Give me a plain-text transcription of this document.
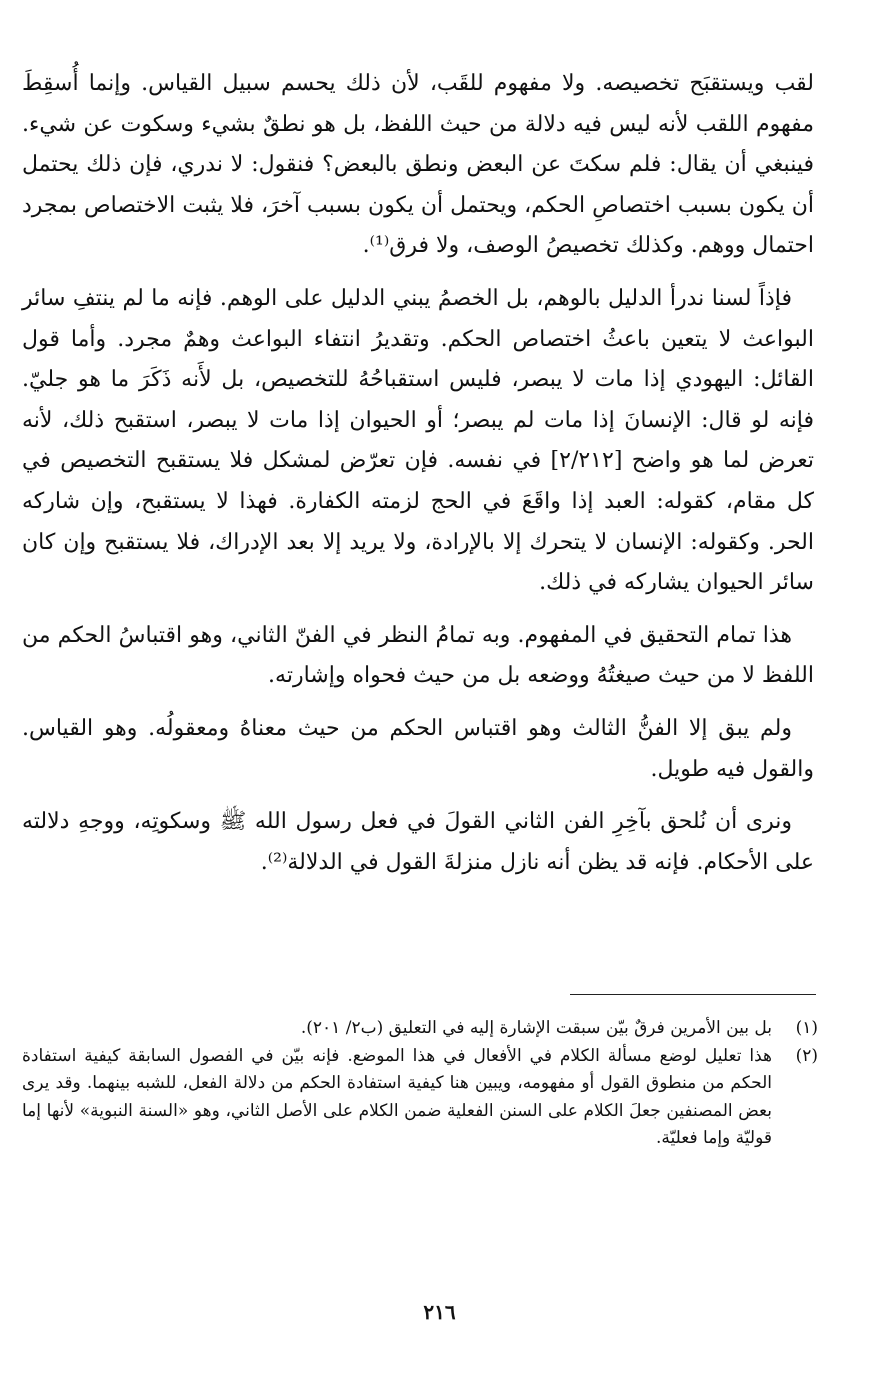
لقب ويستقبَح تخصيصه. ولا مفهوم للقَب، لأن ذلك يحسم سبيل القياس. وإنما أُسقِطَ مفهوم اللقب لأنه ليس فيه دلالة من حيث اللفظ، بل هو نطقٌ بشيء وسكوت عن شيء. فينبغي أن يقال: فلم سكتَ عن البعض ونطق بالبعض؟ فنقول: لا ندري، فإن ذلك يحتمل أن يكون بسبب اختصاصِ الحكم، ويحتمل أن يكون بسبب آخرَ، فلا يثبت الاختصاص بمجرد احتمال ووهم. وكذلك تخصيصُ الوصف، ولا فرق⁽¹⁾.

فإذاً لسنا ندرأ الدليل بالوهم، بل الخصمُ يبني الدليل على الوهم. فإنه ما لم ينتفِ سائر البواعث لا يتعين باعثُ اختصاص الحكم. وتقديرُ انتفاء البواعث وهمٌ مجرد. وأما قول القائل: اليهودي إذا مات لا يبصر، فليس استقباحُهُ للتخصيص، بل لأَنه ذَكَرَ ما هو جليّ. فإنه لو قال: الإنسانَ إذا مات لم يبصر؛ أو الحيوان إذا مات لا يبصر، استقبح ذلك، لأنه تعرض لما هو واضح [٢/٢١٢] في نفسه. فإن تعرّض لمشكل فلا يستقبح التخصيص في كل مقام، كقوله: العبد إذا واقَعَ في الحج لزمته الكفارة. فهذا لا يستقبح، وإن شاركه الحر. وكقوله: الإنسان لا يتحرك إلا بالإرادة، ولا يريد إلا بعد الإدراك، فلا يستقبح وإن كان سائر الحيوان يشاركه في ذلك.

هذا تمام التحقيق في المفهوم. وبه تمامُ النظر في الفنّ الثاني، وهو اقتباسُ الحكم من اللفظ لا من حيث صيغتُهُ ووضعه بل من حيث فحواه وإشارته.

ولم يبق إلا الفنُّ الثالث وهو اقتباس الحكم من حيث معناهُ ومعقولُه. وهو القياس. والقول فيه طويل.

ونرى أن نُلحق بآخِرِ الفن الثاني القولَ في فعل رسول الله ﷺ وسكوتِه، ووجهِ دلالته على الأحكام. فإنه قد يظن أنه نازل منزلةَ القول في الدلالة⁽²⁾.

(١)
بل بين الأمرين فرقٌ بيّن سبقت الإشارة إليه في التعليق (ب٢/ ٢٠١).
(٢)
هذا تعليل لوضع مسألة الكلام في الأفعال في هذا الموضع. فإنه بيّن في الفصول السابقة كيفية استفادة الحكم من منطوق القول أو مفهومه، ويبين هنا كيفية استفادة الحكم من دلالة الفعل، للشبه بينهما. وقد يرى بعض المصنفين جعلَ الكلام على السنن الفعلية ضمن الكلام على الأصل الثاني، وهو «السنة النبوية» لأنها إما قوليّة وإما فعليّة.
٢١٦
